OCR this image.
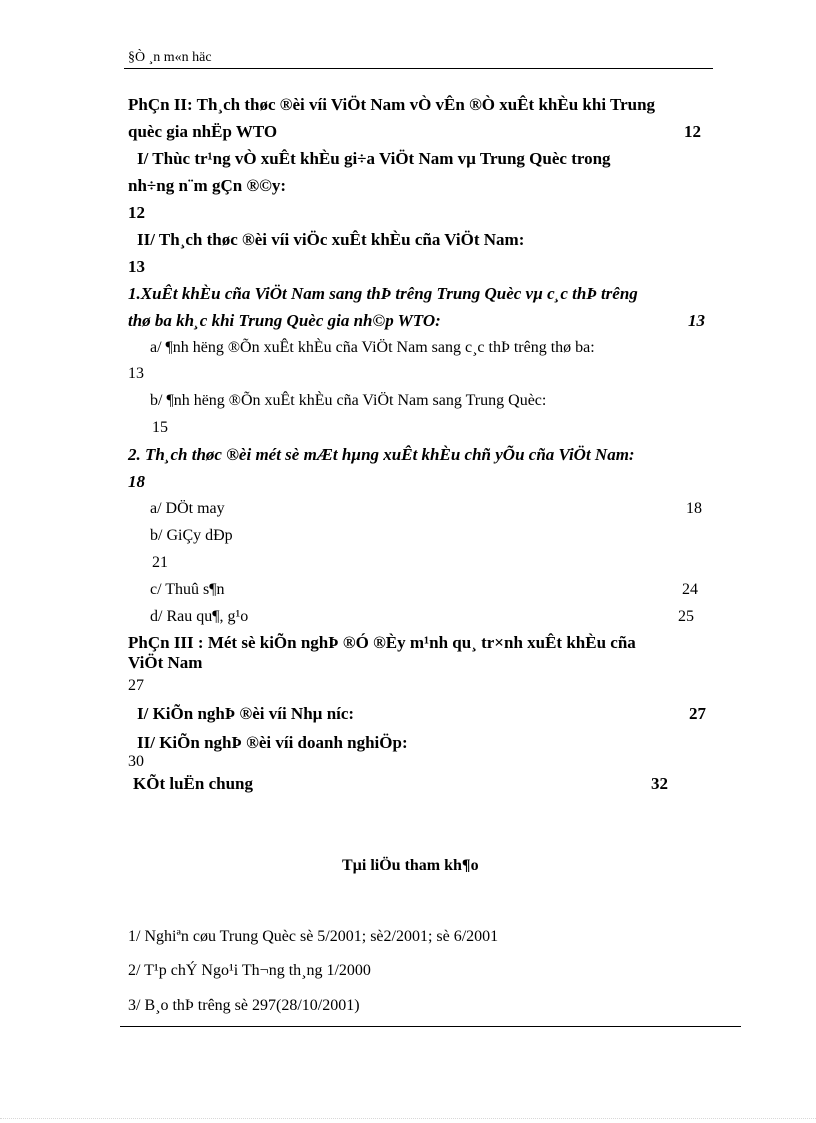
§Ò ¸n m«n häc
PhÇn II: Th¸ch thøc ®èi víi ViÖt Nam vÒ vÊn ®Ò xuÊt khÈu khi Trung
quèc gia nhËp WTO	12
I/ Thùc tr¹ng vÒ xuÊt khÈu gi÷a ViÖt Nam vµ Trung Quèc trong
nh÷ng n¨m gÇn ®©y:
12
II/ Th¸ch thøc ®èi víi viÖc xuÊt khÈu cña ViÖt Nam:
13
1.XuÊt khÈu cña ViÖt Nam sang thÞ trêng Trung Quèc vµ c¸c thÞ trêng
thø ba kh¸c khi Trung Quèc gia nh©p WTO:	13
a/ ¶nh hëng ®Õn xuÊt khÈu cña ViÖt Nam sang c¸c thÞ trêng thø ba:
13
b/ ¶nh hëng ®Õn xuÊt khÈu cña ViÖt Nam sang Trung Quèc:
15
2. Th¸ch thøc ®èi mét sè mÆt hµng xuÊt khÈu chñ yÕu cña ViÖt Nam:
18
a/ DÖt may	18
b/ GiÇy dÐp
21
c/ Thuû s¶n	24
d/ Rau qu¶, g¹o	25
PhÇn III : Mét sè kiÕn nghÞ ®Ó ®Èy m¹nh qu¸ tr×nh xuÊt khÈu cña
ViÖt Nam
27
I/ KiÕn nghÞ ®èi víi Nhµ níc:	27
II/ KiÕn nghÞ ®èi víi doanh nghiÖp:
30
KÕt luËn chung	32
Tµi liÖu tham kh¶o
1/ Nghiªn cøu Trung Quèc sè 5/2001; sè2/2001; sè 6/2001
2/ T¹p chÝ Ngo¹i Th¬ng th¸ng 1/2000
3/ B¸o thÞ trêng sè 297(28/10/2001)
